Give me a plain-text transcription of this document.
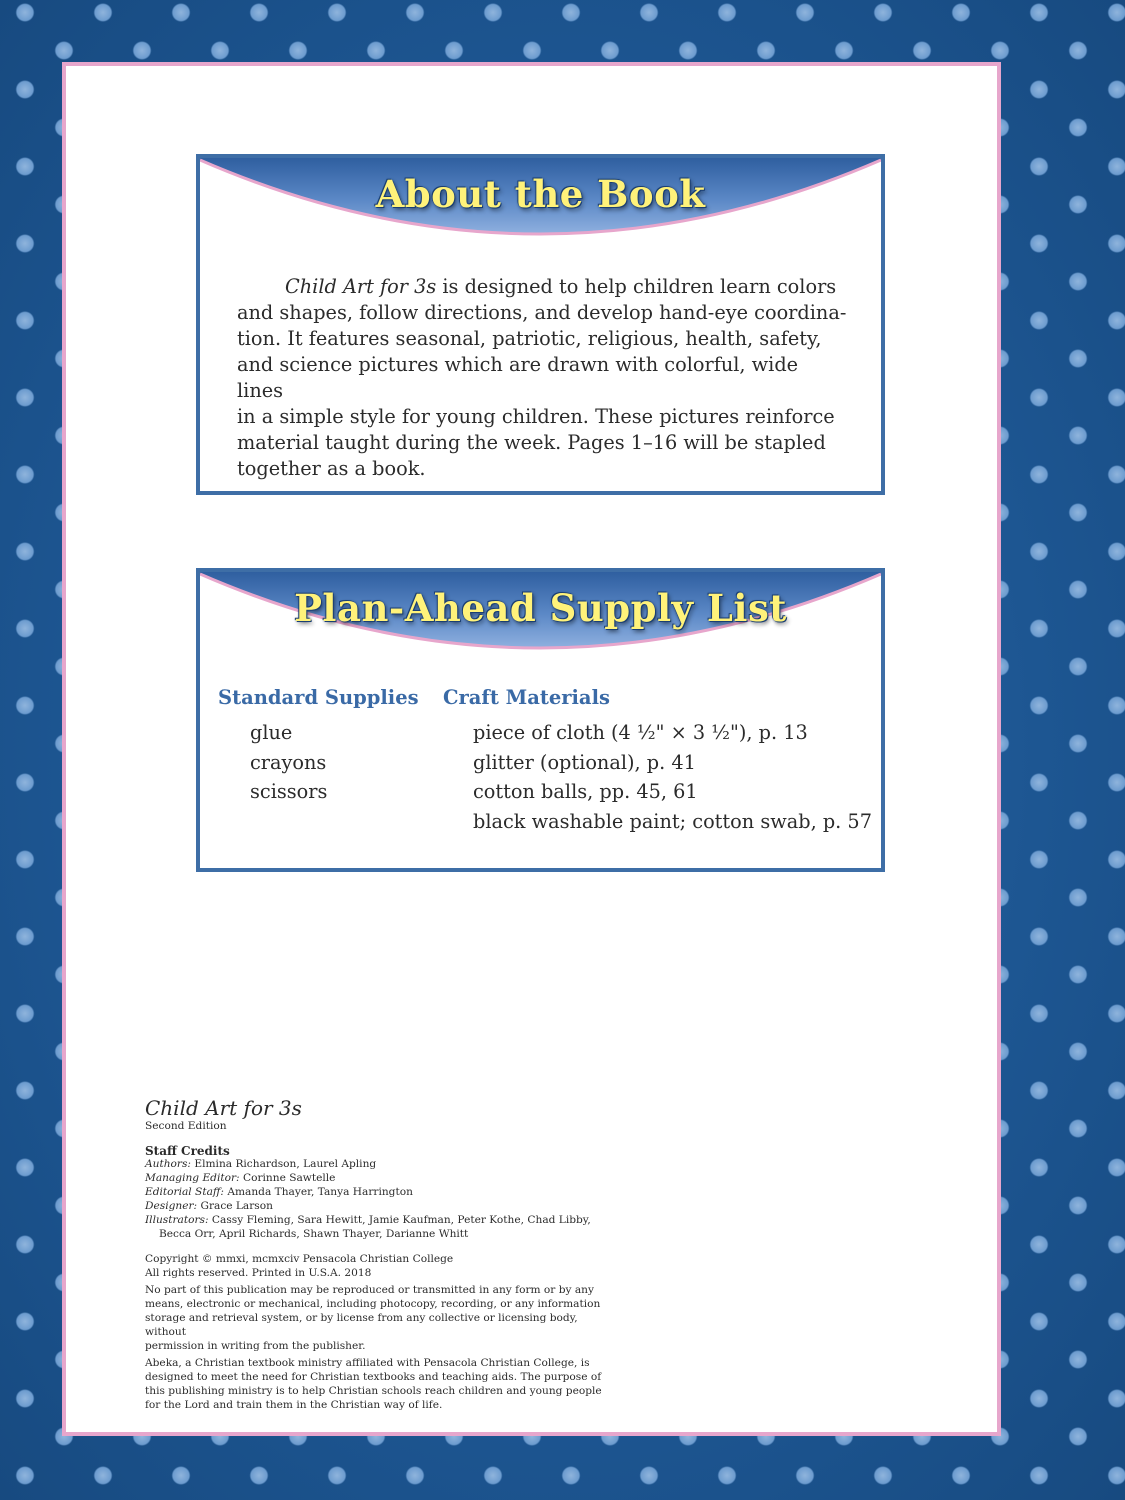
About the Book

Child Art for 3s is designed to help children learn colors
and shapes, follow directions, and develop hand-eye coordina-
tion. It features seasonal, patriotic, religious, health, safety,
and science pictures which are drawn with colorful, wide lines
in a simple style for young children. These pictures reinforce
material taught during the week. Pages 1–16 will be stapled
together as a book.

Plan-Ahead Supply List
Standard Supplies
glue
crayons
scissors
Craft Materials
piece of cloth (4 ½" × 3 ½"), p. 13
glitter (optional), p. 41
cotton balls, pp. 45, 61
black washable paint; cotton swab, p. 57
Child Art for 3s
Second Edition
Staff Credits
Authors: Elmina Richardson, Laurel Apling
Managing Editor: Corinne Sawtelle
Editorial Staff: Amanda Thayer, Tanya Harrington
Designer: Grace Larson
Illustrators: Cassy Fleming, Sara Hewitt, Jamie Kaufman, Peter Kothe, Chad Libby,
Becca Orr, April Richards, Shawn Thayer, Darianne Whitt
Copyright © mmxi, mcmxciv Pensacola Christian College
All rights reserved. Printed in U.S.A. 2018
No part of this publication may be reproduced or transmitted in any form or by any
means, electronic or mechanical, including photocopy, recording, or any information
storage and retrieval system, or by license from any collective or licensing body, without
permission in writing from the publisher.
Abeka, a Christian textbook ministry affiliated with Pensacola Christian College, is
designed to meet the need for Christian textbooks and teaching aids. The purpose of
this publishing ministry is to help Christian schools reach children and young people
for the Lord and train them in the Christian way of life.
